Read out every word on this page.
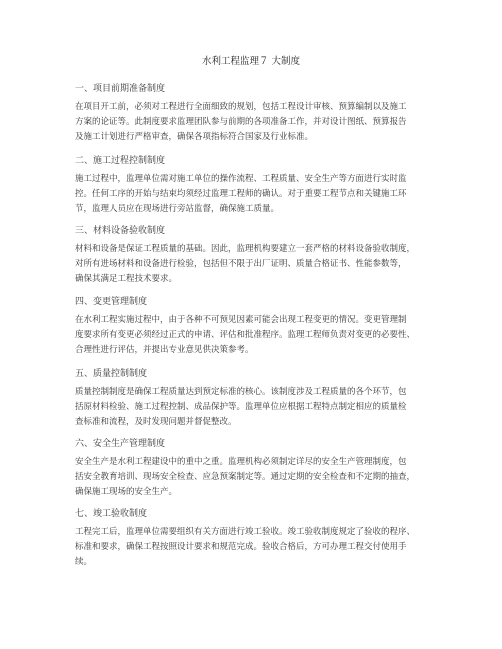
水利工程监理７ 大制度
一、项目前期准备制度
在项目开工前，必须对工程进行全面细致的规划，包括工程设计审核、预算编制以及施工
方案的论证等。此制度要求监理团队参与前期的各项准备工作，并对设计图纸、预算报告
及施工计划进行严格审查，确保各项指标符合国家及行业标准。
二、施工过程控制制度
施工过程中，监理单位需对施工单位的操作流程、工程质量、安全生产等方面进行实时监
控。任何工序的开始与结束均须经过监理工程师的确认。对于重要工程节点和关键施工环
节，监理人员应在现场进行旁站监督，确保施工质量。
三、材料设备验收制度
材料和设备是保证工程质量的基础。因此，监理机构要建立一套严格的材料设备验收制度，
对所有进场材料和设备进行检验，包括但不限于出厂证明、质量合格证书、性能参数等，
确保其满足工程技术要求。
四、变更管理制度
在水利工程实施过程中，由于各种不可预见因素可能会出现工程变更的情况。变更管理制
度要求所有变更必须经过正式的申请、评估和批准程序。监理工程师负责对变更的必要性、
合理性进行评估，并提出专业意见供决策参考。
五、质量控制制度
质量控制制度是确保工程质量达到预定标准的核心。该制度涉及工程质量的各个环节，包
括原材料检验、施工过程控制、成品保护等。监理单位应根据工程特点制定相应的质量检
查标准和流程，及时发现问题并督促整改。
六、安全生产管理制度
安全生产是水利工程建设中的重中之重。监理机构必须制定详尽的安全生产管理制度，包
括安全教育培训、现场安全检查、应急预案制定等。通过定期的安全检查和不定期的抽查，
确保施工现场的安全生产。
七、竣工验收制度
工程完工后，监理单位需要组织有关方面进行竣工验收。竣工验收制度规定了验收的程序、
标准和要求，确保工程按照设计要求和规范完成。验收合格后，方可办理工程交付使用手
续。
